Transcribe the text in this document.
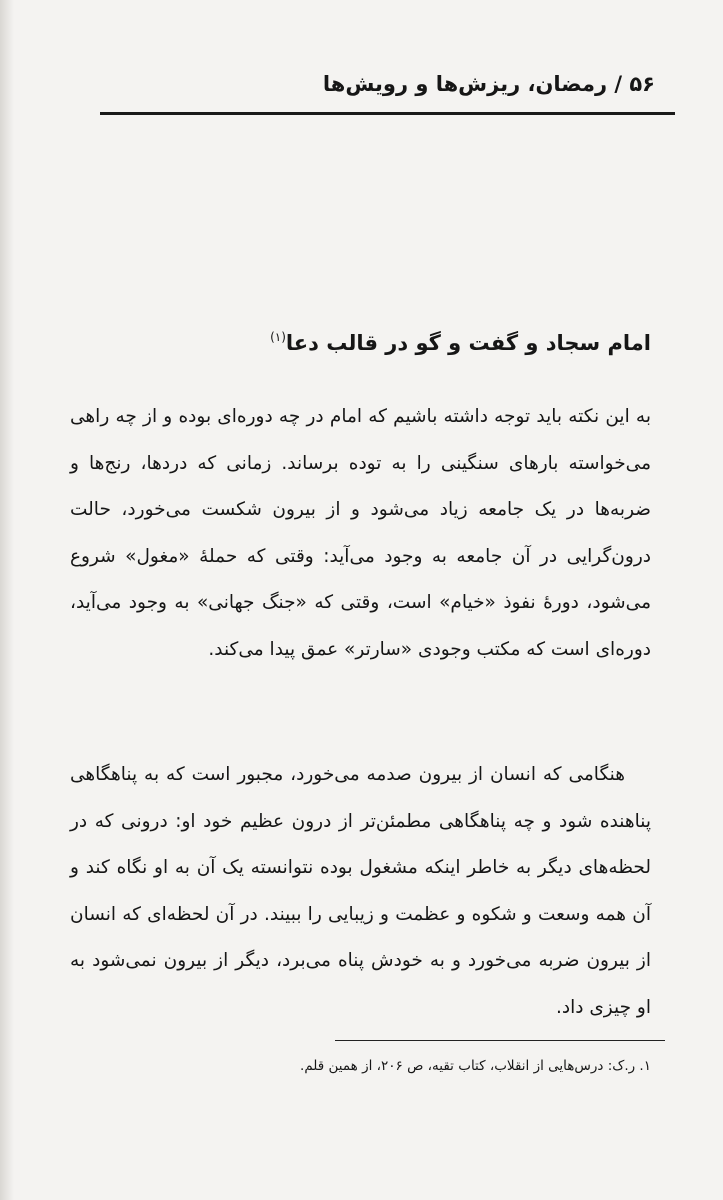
۵۶ / رمضان، ریزش‌ها و رویش‌ها
امام سجاد و گفت و گو در قالب دعا$^{(۱)}$

به این نکته باید توجه داشته باشیم که امام در چه دوره‌ای بوده و از چه راهی می‌خواسته بارهای سنگینی را به توده برساند. زمانی که دردها، رنج‌ها و ضربه‌ها در یک جامعه زیاد می‌شود و از بیرون شکست می‌خورد، حالت درون‌گرایی در آن جامعه به وجود می‌آید: وقتی که حملهٔ «مغول» شروع می‌شود، دورهٔ نفوذ «خیام» است، وقتی که «جنگ جهانی» به وجود می‌آید، دوره‌ای است که مکتب وجودی «سارتر» عمق پیدا می‌کند.

هنگامی که انسان از بیرون صدمه می‌خورد، مجبور است که به پناهگاهی پناهنده شود و چه پناهگاهی مطمئن‌تر از درون عظیم خود او: درونی که در لحظه‌های دیگر به خاطر اینکه مشغول بوده نتوانسته یک آن به او نگاه کند و آن همه وسعت و شکوه و عظمت و زیبایی را ببیند. در آن لحظه‌ای که انسان از بیرون ضربه می‌خورد و به خودش پناه می‌برد، دیگر از بیرون نمی‌شود به او چیزی داد.

۱. ر.ک: درس‌هایی از انقلاب، کتاب تقیه، ص ۲۰۶، از همین قلم.
